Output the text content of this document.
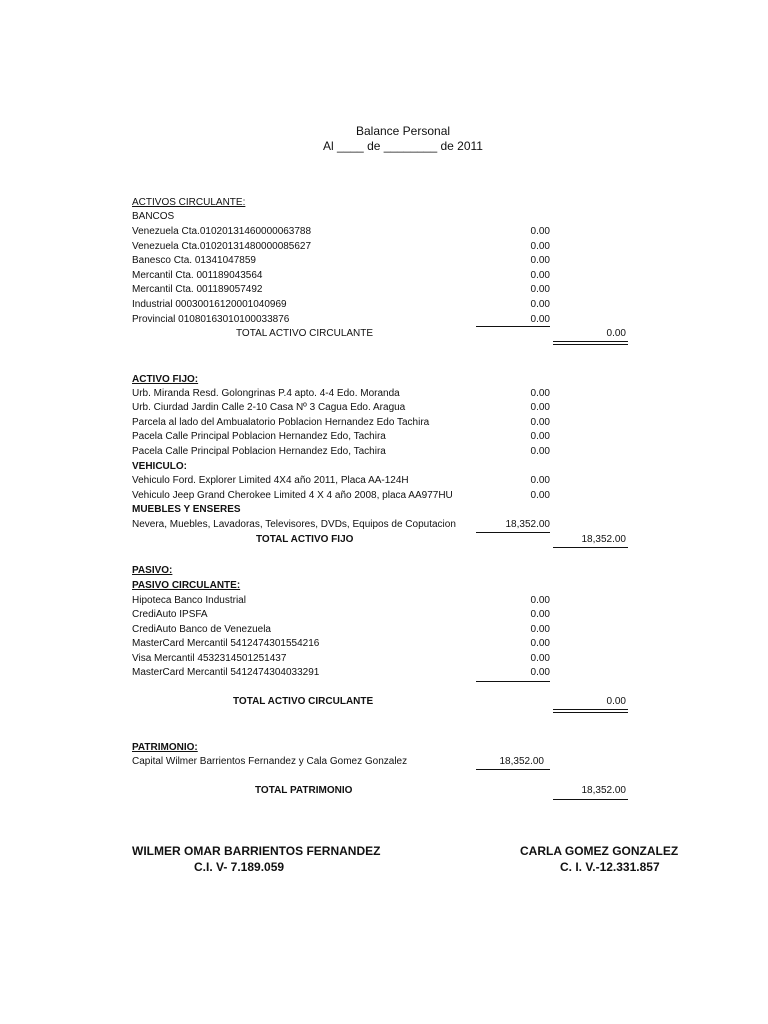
Balance Personal
Al ____ de ________ de 2011
ACTIVOS CIRCULANTE:
BANCOS
Venezuela Cta.01020131460000063788	0.00
Venezuela Cta.01020131480000085627	0.00
Banesco Cta. 01341047859	0.00
Mercantil Cta. 001189043564	0.00
Mercantil Cta. 001189057492	0.00
Industrial 00030016120001040969	0.00
Provincial 01080163010100033876	0.00
TOTAL ACTIVO CIRCULANTE	0.00
ACTIVO FIJO:
Urb. Miranda Resd. Golongrinas P.4 apto. 4-4 Edo. Moranda	0.00
Urb. Ciurdad Jardin Calle 2-10 Casa Nº 3 Cagua Edo. Aragua	0.00
Parcela al lado del Ambualatorio Poblacion Hernandez Edo Tachira	0.00
Pacela Calle Principal Poblacion Hernandez Edo, Tachira	0.00
Pacela Calle Principal Poblacion Hernandez Edo, Tachira	0.00
VEHICULO:
Vehiculo Ford. Explorer Limited 4X4 año 2011, Placa AA-124H	0.00
Vehiculo Jeep Grand Cherokee Limited 4 X 4 año 2008, placa AA977HU	0.00
MUEBLES Y ENSERES
Nevera, Muebles, Lavadoras, Televisores, DVDs, Equipos de Coputacion	18,352.00
TOTAL ACTIVO FIJO	18,352.00
PASIVO:
PASIVO CIRCULANTE:
Hipoteca Banco Industrial	0.00
CrediAuto IPSFA	0.00
CrediAuto Banco de Venezuela	0.00
MasterCard Mercantil 5412474301554216	0.00
Visa Mercantil 4532314501251437	0.00
MasterCard Mercantil 5412474304033291	0.00
TOTAL ACTIVO CIRCULANTE	0.00
PATRIMONIO:
Capital Wilmer Barrientos Fernandez y Cala Gomez Gonzalez	18,352.00
TOTAL PATRIMONIO	18,352.00
WILMER OMAR BARRIENTOS FERNANDEZ
C.I. V- 7.189.059
CARLA GOMEZ GONZALEZ
C. I. V.-12.331.857
